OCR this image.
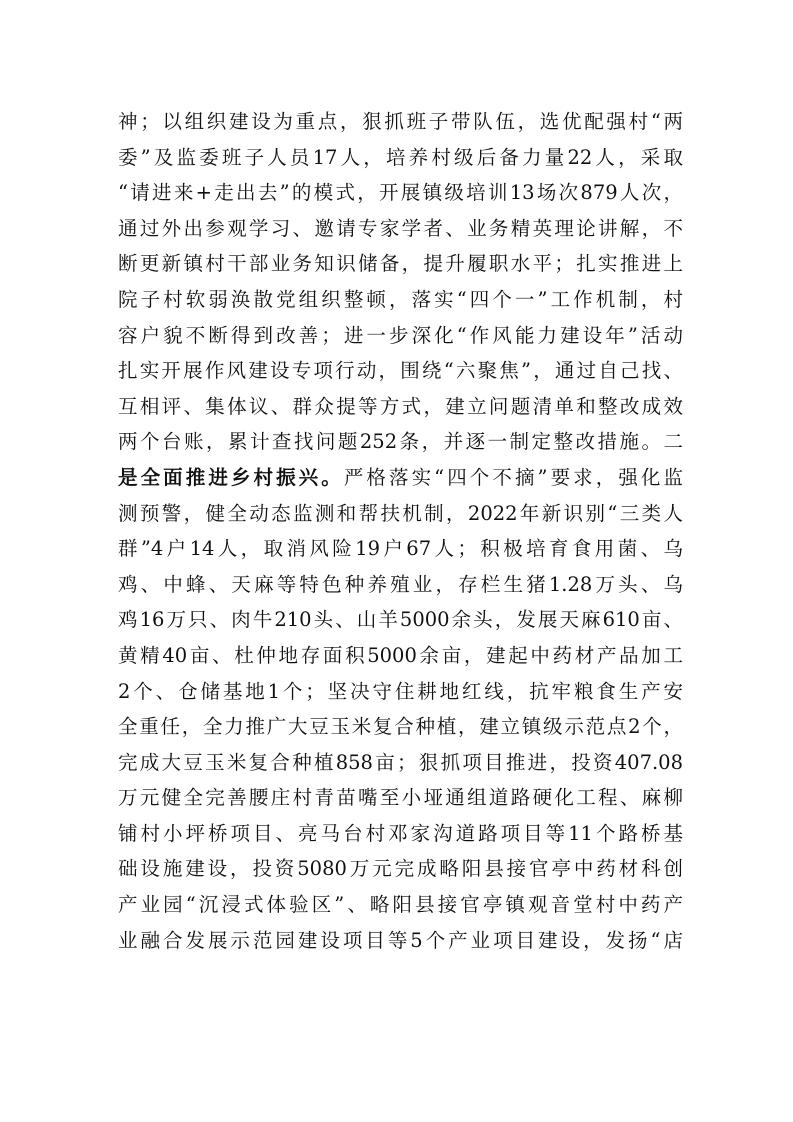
神；以组织建设为重点，狠抓班子带队伍，选优配强村“两
委”及监委班子人员17人，培养村级后备力量22人，采取
“请进来+走出去”的模式，开展镇级培训13场次879人次，
通过外出参观学习、邀请专家学者、业务精英理论讲解，不
断更新镇村干部业务知识储备，提升履职水平；扎实推进上
院子村软弱涣散党组织整顿，落实“四个一”工作机制，村
容户貌不断得到改善；进一步深化“作风能力建设年”活动
扎实开展作风建设专项行动，围绕“六聚焦”，通过自己找、
互相评、集体议、群众提等方式，建立问题清单和整改成效
两个台账，累计查找问题252条，并逐一制定整改措施。二
是全面推进乡村振兴。严格落实“四个不摘”要求，强化监
测预警，健全动态监测和帮扶机制，2022年新识别“三类人
群”4户14人，取消风险19户67人；积极培育食用菌、乌
鸡、中蜂、天麻等特色种养殖业，存栏生猪1.28万头、乌
鸡16万只、肉牛210头、山羊5000余头，发展天麻610亩、
黄精40亩、杜仲地存面积5000余亩，建起中药材产品加工
2个、仓储基地1个；坚决守住耕地红线，抗牢粮食生产安
全重任，全力推广大豆玉米复合种植，建立镇级示范点2个，
完成大豆玉米复合种植858亩；狠抓项目推进，投资407.08
万元健全完善腰庄村青苗嘴至小垭通组道路硬化工程、麻柳
铺村小坪桥项目、亮马台村邓家沟道路项目等11个路桥基
础设施建设，投资5080万元完成略阳县接官亭中药材科创
产业园“沉浸式体验区”、略阳县接官亭镇观音堂村中药产
业融合发展示范园建设项目等5个产业项目建设，发扬“店
